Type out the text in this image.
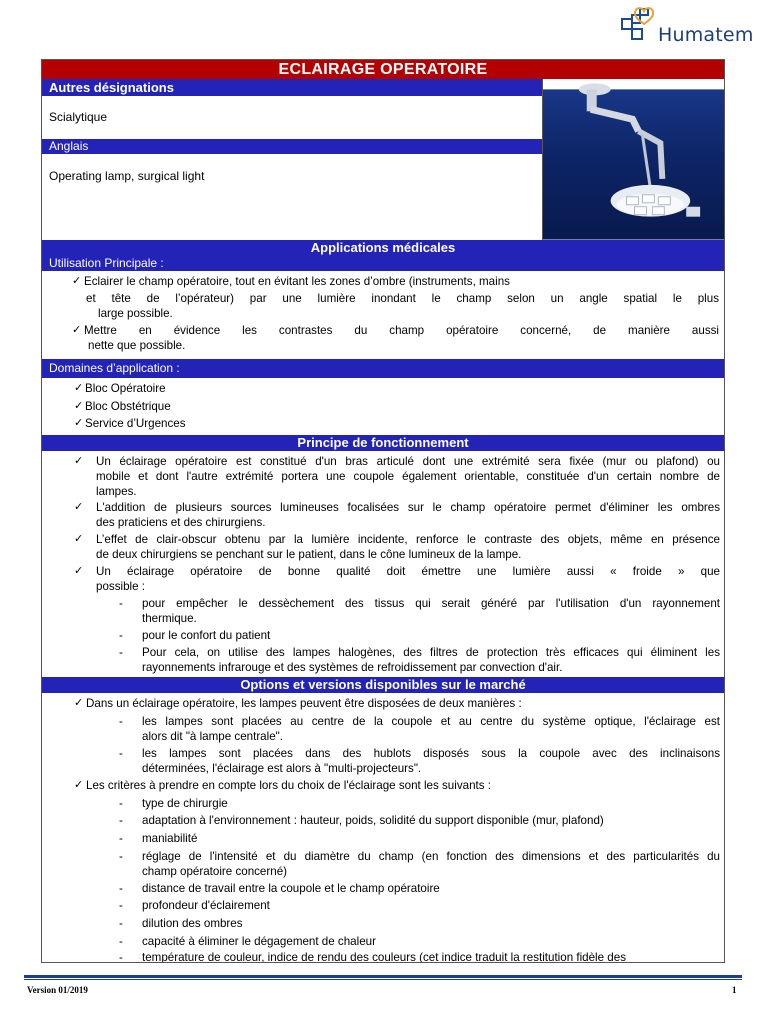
Humatem
ECLAIRAGE OPERATOIRE
Autres désignations
Scialytique
Anglais
Operating lamp, surgical light
Applications médicales
Utilisation Principale :
✓ Eclairer le champ opératoire, tout en évitant les zones d’ombre (instruments, mains
et tête de l’opérateur) par une lumière inondant le champ selon un angle spatial le plus
large possible.
✓ Mettre en évidence les contrastes du champ opératoire concerné, de manière aussi
nette que possible.
Domaines d’application :
✓ Bloc Opératoire
✓ Bloc Obstétrique
✓ Service d’Urgences
Principe de fonctionnement
✓ Un éclairage opératoire est constitué d'un bras articulé dont une extrémité sera fixée (mur ou plafond) ou
mobile et dont l'autre extrémité portera une coupole également orientable, constituée d'un certain nombre de
lampes.
✓ L'addition de plusieurs sources lumineuses focalisées sur le champ opératoire permet d'éliminer les ombres
des praticiens et des chirurgiens.
✓ L’effet de clair-obscur obtenu par la lumière incidente, renforce le contraste des objets, même en présence
de deux chirurgiens se penchant sur le patient, dans le cône lumineux de la lampe.
✓ Un éclairage opératoire de bonne qualité doit émettre une lumière aussi « froide » que
possible :
- pour empêcher le dessèchement des tissus qui serait généré par l'utilisation d'un rayonnement
thermique.
- pour le confort du patient
- Pour cela, on utilise des lampes halogènes, des filtres de protection très efficaces qui éliminent les
rayonnements infrarouge et des systèmes de refroidissement par convection d'air.
Options et versions disponibles sur le marché
✓ Dans un éclairage opératoire, les lampes peuvent être disposées de deux manières :
- les lampes sont placées au centre de la coupole et au centre du système optique, l'éclairage est
alors dit "à lampe centrale".
- les lampes sont placées dans des hublots disposés sous la coupole avec des inclinaisons
déterminées, l'éclairage est alors à "multi-projecteurs".
✓ Les critères à prendre en compte lors du choix de l'éclairage sont les suivants :
- type de chirurgie
- adaptation à l'environnement : hauteur, poids, solidité du support disponible (mur, plafond)
- maniabilité
- réglage de l'intensité et du diamètre du champ (en fonction des dimensions et des particularités du
champ opératoire concerné)
- distance de travail entre la coupole et le champ opératoire
- profondeur d'éclairement
- dilution des ombres
- capacité à éliminer le dégagement de chaleur
- température de couleur, indice de rendu des couleurs (cet indice traduit la restitution fidèle des
Version 01/2019	1
